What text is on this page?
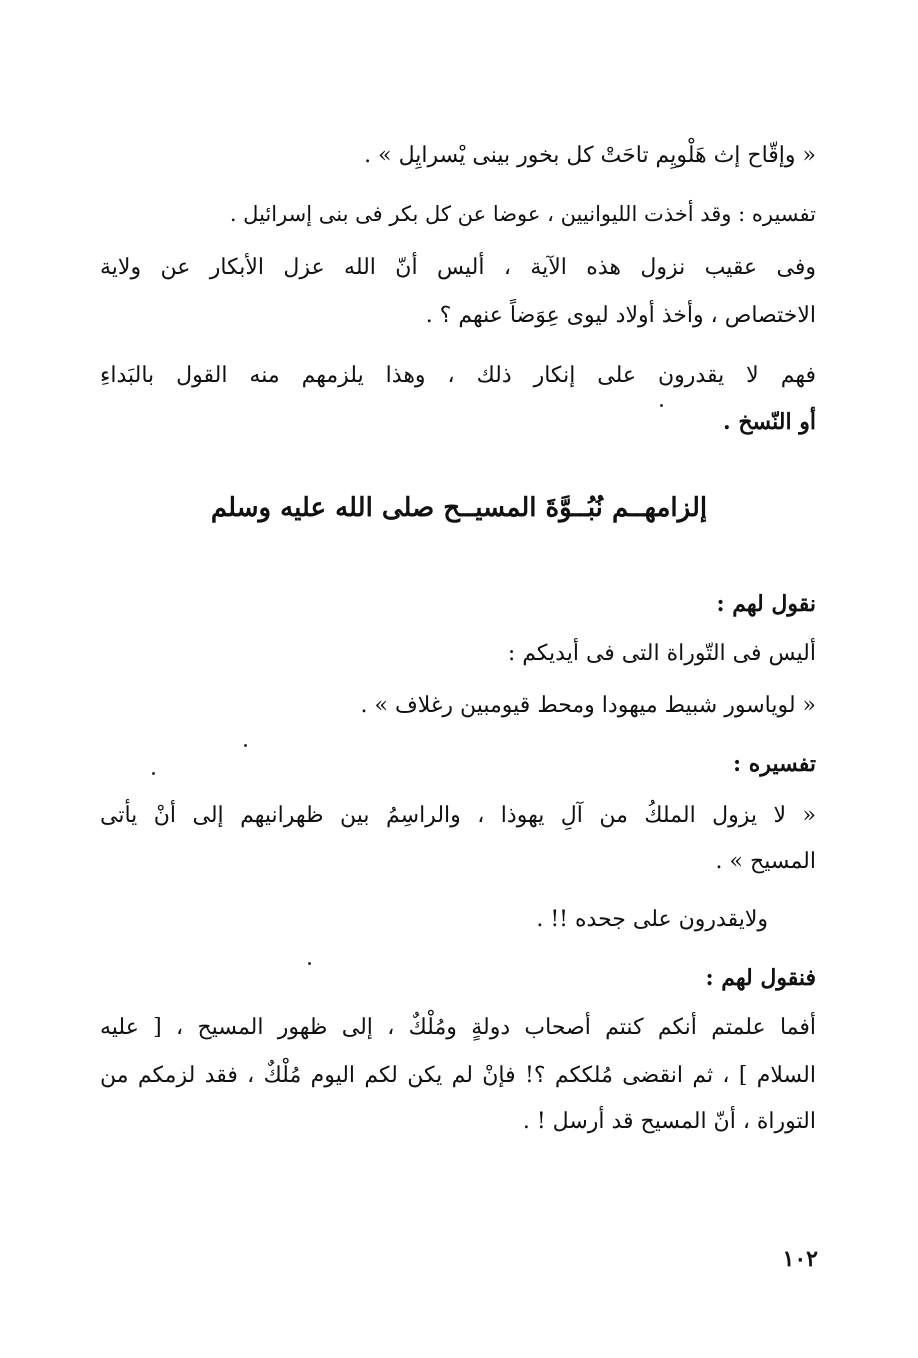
« وإقّاح إث هَلْويِم تاحَتْ كل بخور بينى يْسرايِل » .
تفسيره : وقد أخذت الليوانيين ، عوضا عن كل بكر فى بنى إسرائيل .
وفى عقيب نزول هذه الآية ، أليس أنّ الله عزل الأبكار عن ولاية
الاختصاص ، وأخذ أولاد ليوى عِوَضاً عنهم ؟ .
فهم لا يقدرون على إنكار ذلك ، وهذا يلزمهم منه القول بالبَداءِ
أو النّسخ .
إلزامهــم نُبُــوَّةَ المسيــح صلى الله عليه وسلم
نقول لهم :
أليس فى التّوراة التى فى أيديكم :
« لوياسور شبيط ميهودا ومحط قيومبين رغلاف » .
تفسيره :
« لا يزول الملكُ من آلِ يهوذا ، والراسِمُ بين ظهرانيهم إلى أنْ يأتى
المسيح » .
ولايقدرون على جحده !! .
فنقول لهم :
أفما علمتم أنكم كنتم أصحاب دولةٍ ومُلْكٌ ، إلى ظهور المسيح ، [ عليه
السلام ] ، ثم انقضى مُلككم ؟! فإنْ لم يكن لكم اليوم مُلْكٌ ، فقد لزمكم من
التوراة ، أنّ المسيح قد أرسل ! .
١٠٢
